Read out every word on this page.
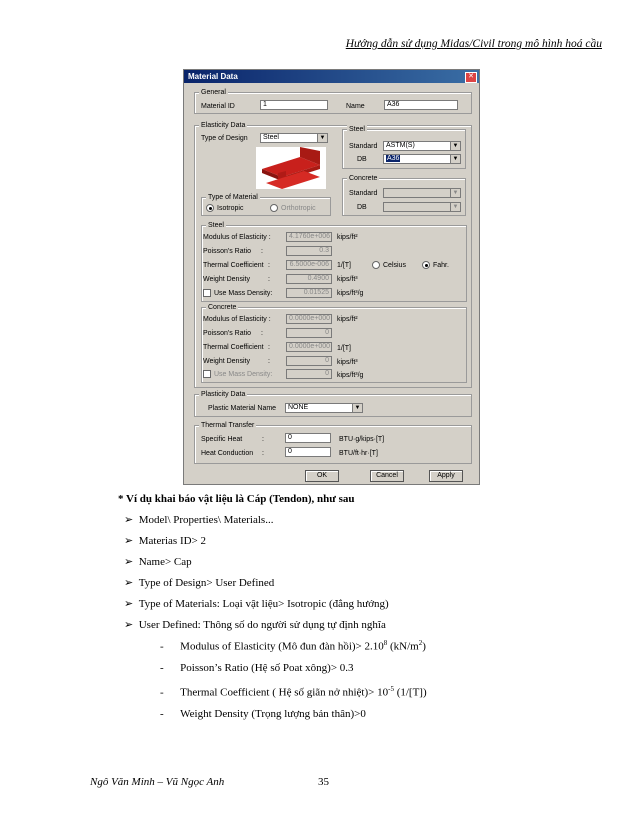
Hướng dẫn sử dụng Midas/Civil trong mô hình hoá cầu
Material Data	✕
General
Material ID	1	Name	A36
Elasticity Data
Type of Design	Steel	▼
Steel
Standard	ASTM(S)	▼
DB	A36	▼
Concrete
Standard	▼
DB	▼
Type of Material
Isotropic	Orthotropic
Steel
Modulus of Elasticity :	4.1760e+006 kips/ft²
Poisson's Ratio :	0.3
Thermal Coefficient :	6.5000e-006	1/[T]	Celsius	Fahr.
Weight Density	:	0.4900	kips/ft³
Use Mass Density:	0.01525	kips/ft³/g
Concrete
Modulus of Elasticity :	0.0000e+000 kips/ft²
Poisson's Ratio :	0
Thermal Coefficient :	0.0000e+000 1/[T]
Weight Density	:	0	kips/ft³
Use Mass Density:	0	kips/ft³/g
Plasticity Data
Plastic Material Name	NONE	▼
Thermal Transfer
Specific Heat	:	0	BTU·g/kips·[T]
Heat Conduction :	0	BTU/ft·hr·[T]
OK	Cancel	Apply
* Ví dụ khai báo vật liệu là Cáp (Tendon), như sau
➢ Model\ Properties\ Materials...
➢ Materias ID> 2
➢ Name> Cap
➢ Type of Design> User Defined
➢ Type of Materials: Loại vật liệu> Isotropic (đẳng hướng)
➢ User Defined: Thông số do người sử dụng tự định nghĩa
-      Modulus of Elasticity (Mô đun đàn hồi)> $2.10^8$ $(kN/m^2)$
-      Poisson’s Ratio (Hệ số Poat xông)> 0.3
-      Thermal Coefficient ( Hệ số giãn nở nhiệt)> $10^{-5}$ (1/[T])
-      Weight Density (Trọng lượng bản thân)>0
Ngô Văn Minh – Vũ Ngọc Anh	35
